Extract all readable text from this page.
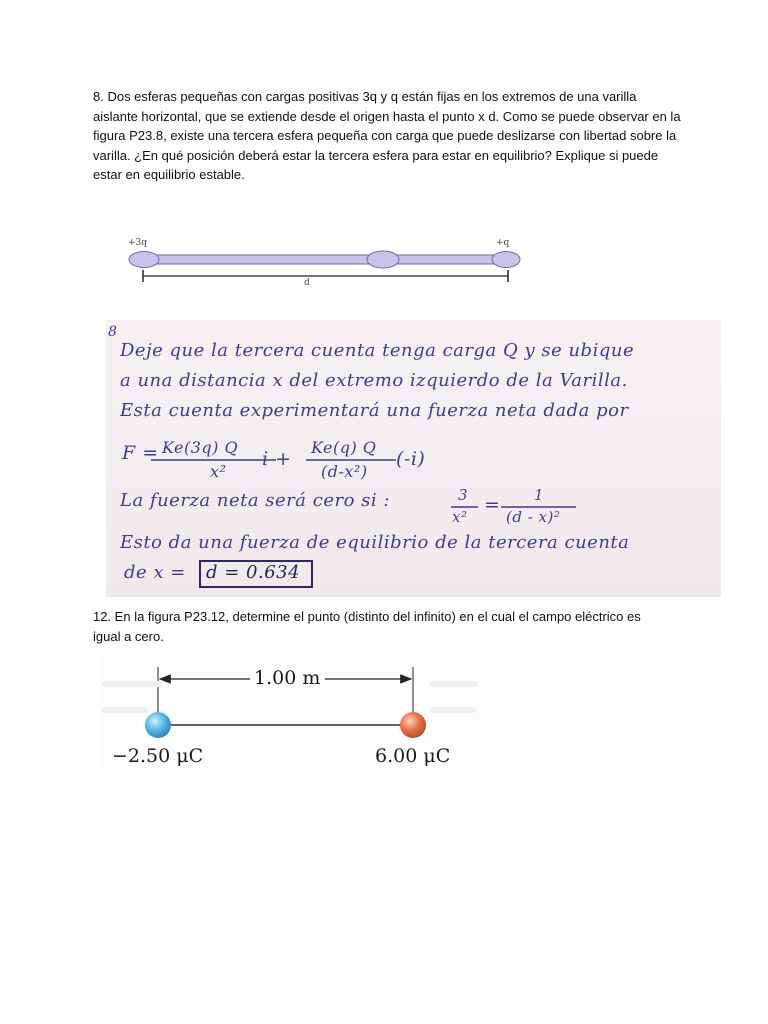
8. Dos esferas pequeñas con cargas positivas 3q y q están fijas en los extremos de una varilla aislante horizontal, que se extiende desde el origen hasta el punto x d. Como se puede observar en la figura P23.8, existe una tercera esfera pequeña con carga que puede deslizarse con libertad sobre la varilla. ¿En qué posición deberá estar la tercera esfera para estar en equilibrio? Explique si puede estar en equilibrio estable.

+3q	+q
d
8
Deje que la tercera cuenta tenga carga Q y se ubique
a una distancia x del extremo izquierdo de la Varilla.
Esta cuenta experimentará una fuerza neta dada por
F = Ke(3q) Q
x²
i +
Ke(q) Q
(d-x²)
(-i)
La fuerza neta será cero si :	3
x²
= 1
(d - x)²
Esto da una fuerza de equilibrio de la tercera cuenta
de x = d = 0.634

12. En la figura P23.12, determine el punto (distinto del infinito) en el cual el campo eléctrico es igual a cero.

1.00 m
−2.50 μC	6.00 μC
